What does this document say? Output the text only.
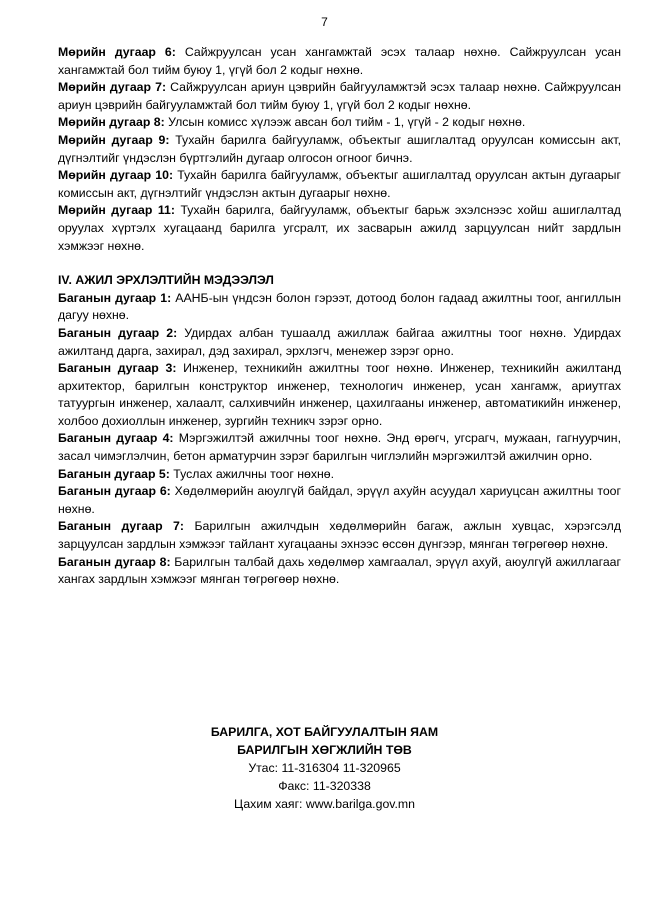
7

Мөрийн дугаар 6: Сайжруулсан усан хангамжтай эсэх талаар нөхнө. Сайжруулсан усан хангамжтай бол тийм буюу 1, үгүй бол 2 кодыг нөхнө.

Мөрийн дугаар 7: Сайжруулсан ариун цэврийн байгууламжтэй эсэх талаар нөхнө. Сайжруулсан ариун цэврийн байгууламжтай бол тийм буюу 1, үгүй бол 2 кодыг нөхнө.

Мөрийн дугаар 8: Улсын комисс хүлээж авсан бол тийм - 1, үгүй - 2 кодыг нөхнө.

Мөрийн дугаар 9: Тухайн барилга байгууламж, объектыг ашиглалтад оруулсан комиссын акт, дүгнэлтийг үндэслэн бүртгэлийн дугаар олгосон огноог бичнэ.

Мөрийн дугаар 10: Тухайн барилга байгууламж, объектыг ашиглалтад оруулсан актын дугаарыг комиссын акт, дүгнэлтийг үндэслэн актын дугаарыг нөхнө.

Мөрийн дугаар 11: Тухайн барилга, байгууламж, объектыг барьж эхэлснээс хойш ашиглалтад оруулах хүртэлх хугацаанд барилга угсралт, их засварын ажилд зарцуулсан нийт зардлын хэмжээг нөхнө.

IV. АЖИЛ ЭРХЛЭЛТИЙН МЭДЭЭЛЭЛ

Баганын дугаар 1: ААНБ-ын үндсэн болон гэрээт, дотоод болон гадаад ажилтны тоог, ангиллын дагуу нөхнө.

Баганын дугаар 2: Удирдах албан тушаалд ажиллаж байгаа ажилтны тоог нөхнө. Удирдах ажилтанд дарга, захирал, дэд захирал, эрхлэгч, менежер зэрэг орно.

Баганын дугаар 3: Инженер, техникийн ажилтны тоог нөхнө. Инженер, техникийн ажилтанд архитектор, барилгын конструктор инженер, технологич инженер, усан хангамж, ариутгах татуургын инженер, халаалт, салхивчийн инженер, цахилгааны инженер, автоматикийн инженер, холбоо дохиоллын инженер, зургийн техникч зэрэг орно.

Баганын дугаар 4: Мэргэжилтэй ажилчны тоог нөхнө. Энд өрөгч, угсрагч, мужаан, гагнуурчин, засал чимэглэлчин, бетон арматурчин зэрэг барилгын чиглэлийн мэргэжилтэй ажилчин орно.

Баганын дугаар 5: Туслах ажилчны тоог нөхнө.

Баганын дугаар 6: Хөдөлмөрийн аюулгүй байдал, эрүүл ахуйн асуудал хариуцсан ажилтны тоог нөхнө.

Баганын дугаар 7: Барилгын ажилчдын хөдөлмөрийн багаж, ажлын хувцас, хэрэгсэлд зарцуулсан зардлын хэмжээг тайлант хугацааны эхнээс өссөн дүнгээр, мянган төгрөгөөр нөхнө.

Баганын дугаар 8: Барилгын талбай дахь хөдөлмөр хамгаалал, эрүүл ахуй, аюулгүй ажиллагааг хангах зардлын хэмжээг мянган төгрөгөөр нөхнө.

БАРИЛГА, ХОТ БАЙГУУЛАЛТЫН ЯАМ
БАРИЛГЫН ХӨГЖЛИЙН ТӨВ
Утас: 11-316304 11-320965
Факс: 11-320338
Цахим хаяг: www.barilga.gov.mn
